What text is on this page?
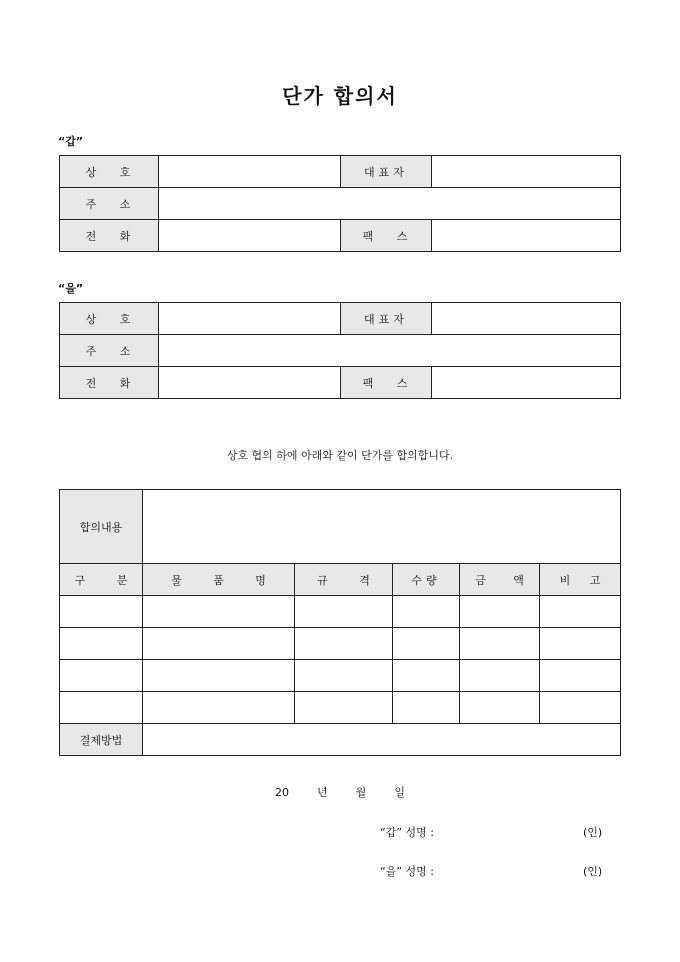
단가 합의서
“갑”
상 호		대표자	
주 소			
전 화		팩 스	
“을”
상 호		대표자	
주 소			
전 화		팩 스	
상호 협의 하에 아래와 같이 단가를 합의합니다.
합의내용					
구 분	물 품 명	규 격	수량	금 액	비 고

결제방법					
20	년	월	일
“갑” 성명 :	(인)
“을” 성명 :	(인)
